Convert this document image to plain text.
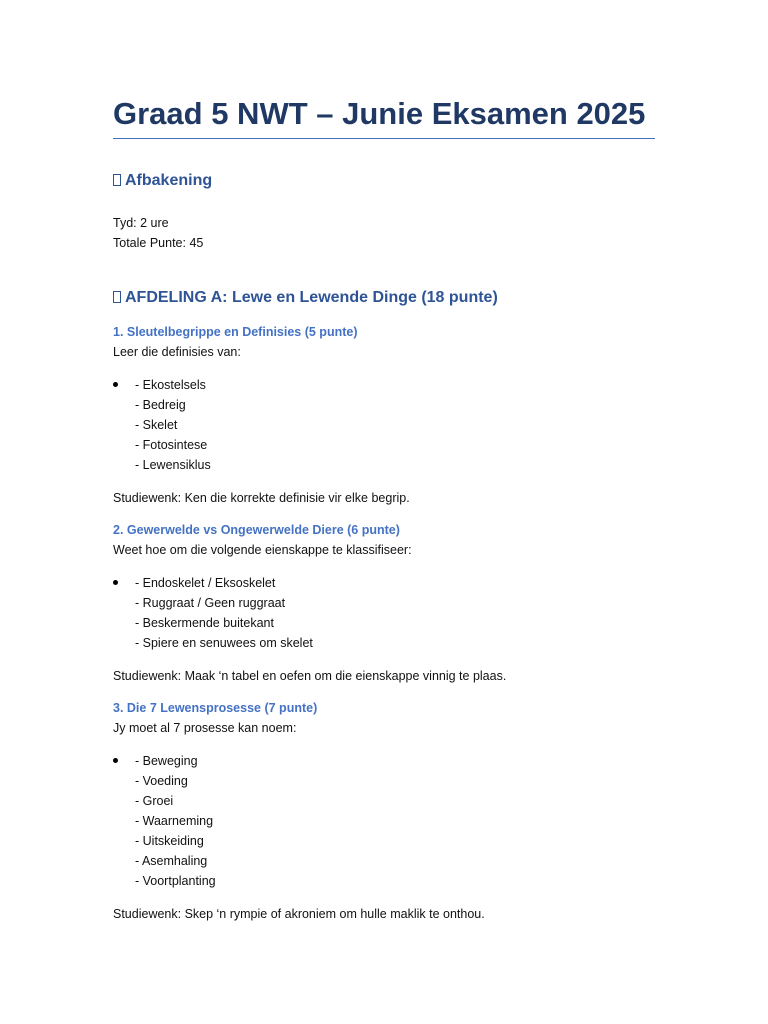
Graad 5 NWT – Junie Eksamen 2025
Afbakening

Tyd: 2 ure

Totale Punte: 45

AFDELING A: Lewe en Lewende Dinge (18 punte)
1. Sleutelbegrippe en Definisies (5 punte)

Leer die definisies van:

- Ekostelsels
- Bedreig
- Skelet
- Fotosintese
- Lewensiklus

Studiewenk: Ken die korrekte definisie vir elke begrip.

2. Gewerwelde vs Ongewerwelde Diere (6 punte)

Weet hoe om die volgende eienskappe te klassifiseer:

- Endoskelet / Eksoskelet
- Ruggraat / Geen ruggraat
- Beskermende buitekant
- Spiere en senuwees om skelet

Studiewenk: Maak ‘n tabel en oefen om die eienskappe vinnig te plaas.

3. Die 7 Lewensprosesse (7 punte)

Jy moet al 7 prosesse kan noem:

- Beweging
- Voeding
- Groei
- Waarneming
- Uitskeiding
- Asemhaling
- Voortplanting

Studiewenk: Skep ‘n rympie of akroniem om hulle maklik te onthou.
